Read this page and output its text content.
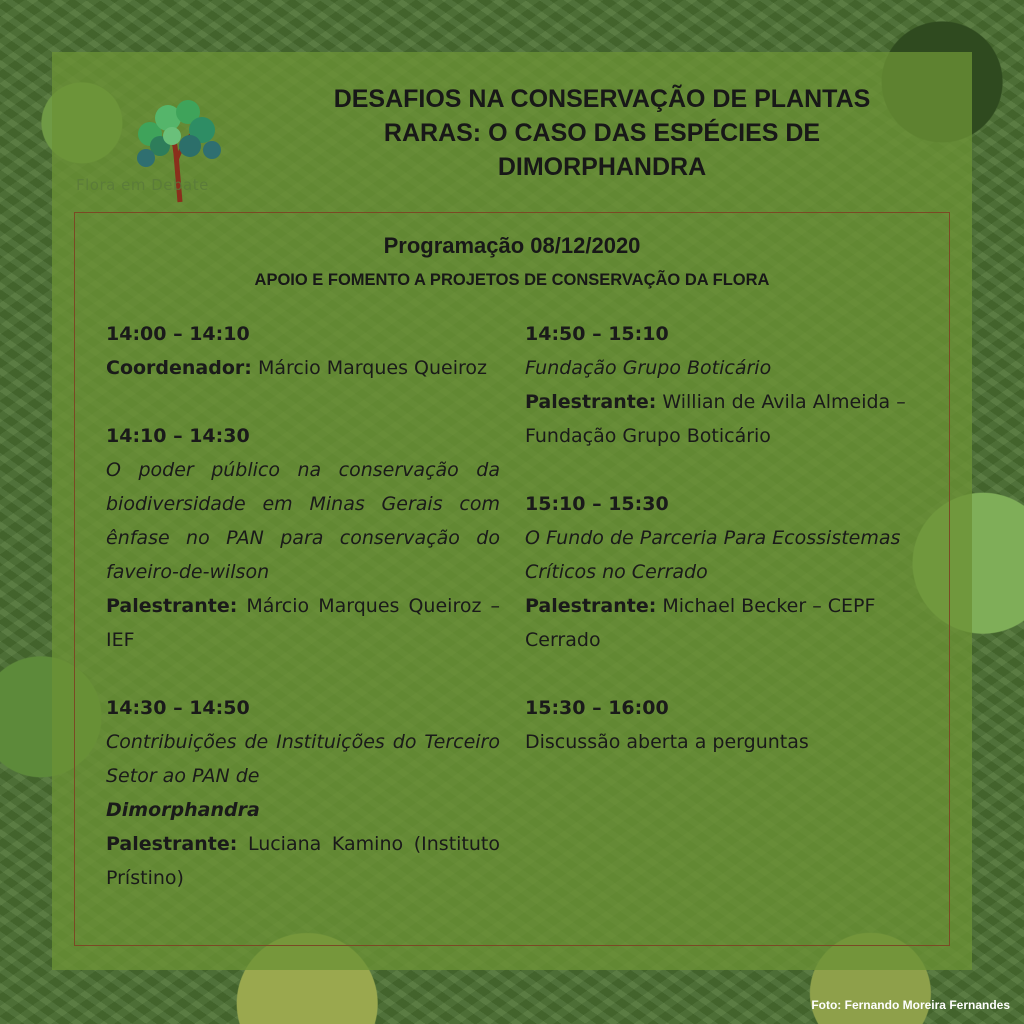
Flora em Debate
DESAFIOS NA CONSERVAÇÃO DE PLANTAS
RARAS: O CASO DAS ESPÉCIES DE
DIMORPHANDRA
Programação 08/12/2020
APOIO E FOMENTO A PROJETOS DE CONSERVAÇÃO DA FLORA
14:00 – 14:10
Coordenador: Márcio Marques Queiroz
14:10 – 14:30
O poder público na conservação da biodiversidade em Minas Gerais com ênfase no PAN para conservação do faveiro-de-wilson
Palestrante: Márcio Marques Queiroz – IEF
14:30 – 14:50
Contribuições de Instituições do Terceiro Setor ao PAN de
Dimorphandra
Palestrante: Luciana Kamino (Instituto Prístino)
14:50 – 15:10
Fundação Grupo Boticário
Palestrante: Willian de Avila Almeida – Fundação Grupo Boticário
15:10 – 15:30
O Fundo de Parceria Para Ecossistemas Críticos no Cerrado
Palestrante: Michael Becker – CEPF Cerrado
15:30 – 16:00
Discussão aberta a perguntas
Foto: Fernando Moreira Fernandes
